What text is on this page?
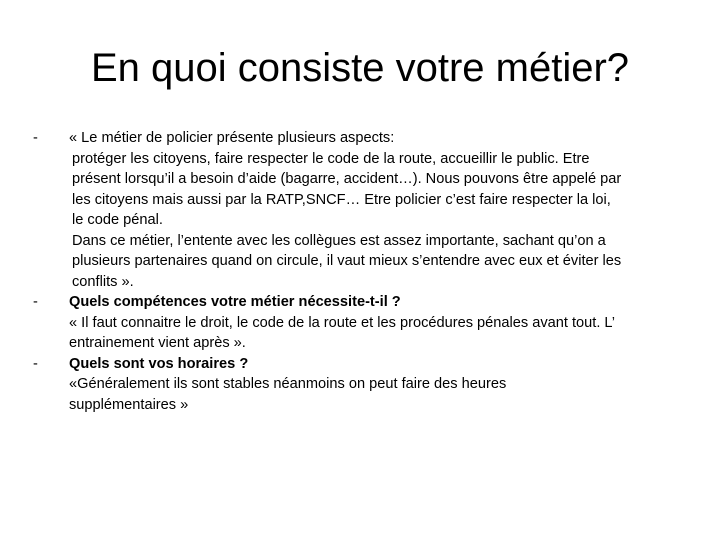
En quoi consiste votre métier?
- « Le métier de policier présente plusieurs aspects:
protéger les citoyens, faire respecter le code de la route, accueillir le public. Etre
présent lorsqu’il a besoin d’aide (bagarre, accident…). Nous pouvons être appelé par
les citoyens mais aussi par la RATP,SNCF… Etre policier c’est faire respecter la loi,
le code pénal.
Dans ce métier, l’entente avec les collègues est assez importante, sachant qu’on a
plusieurs partenaires quand on circule, il vaut mieux s’entendre avec eux et éviter les
conflits ».
- Quels compétences votre métier nécessite-t-il ?
« Il faut connaitre le droit, le code de la route et les procédures pénales avant tout. L’
entrainement vient après ».
- Quels sont vos horaires ?
«Généralement ils sont stables néanmoins on peut faire des heures
supplémentaires »
